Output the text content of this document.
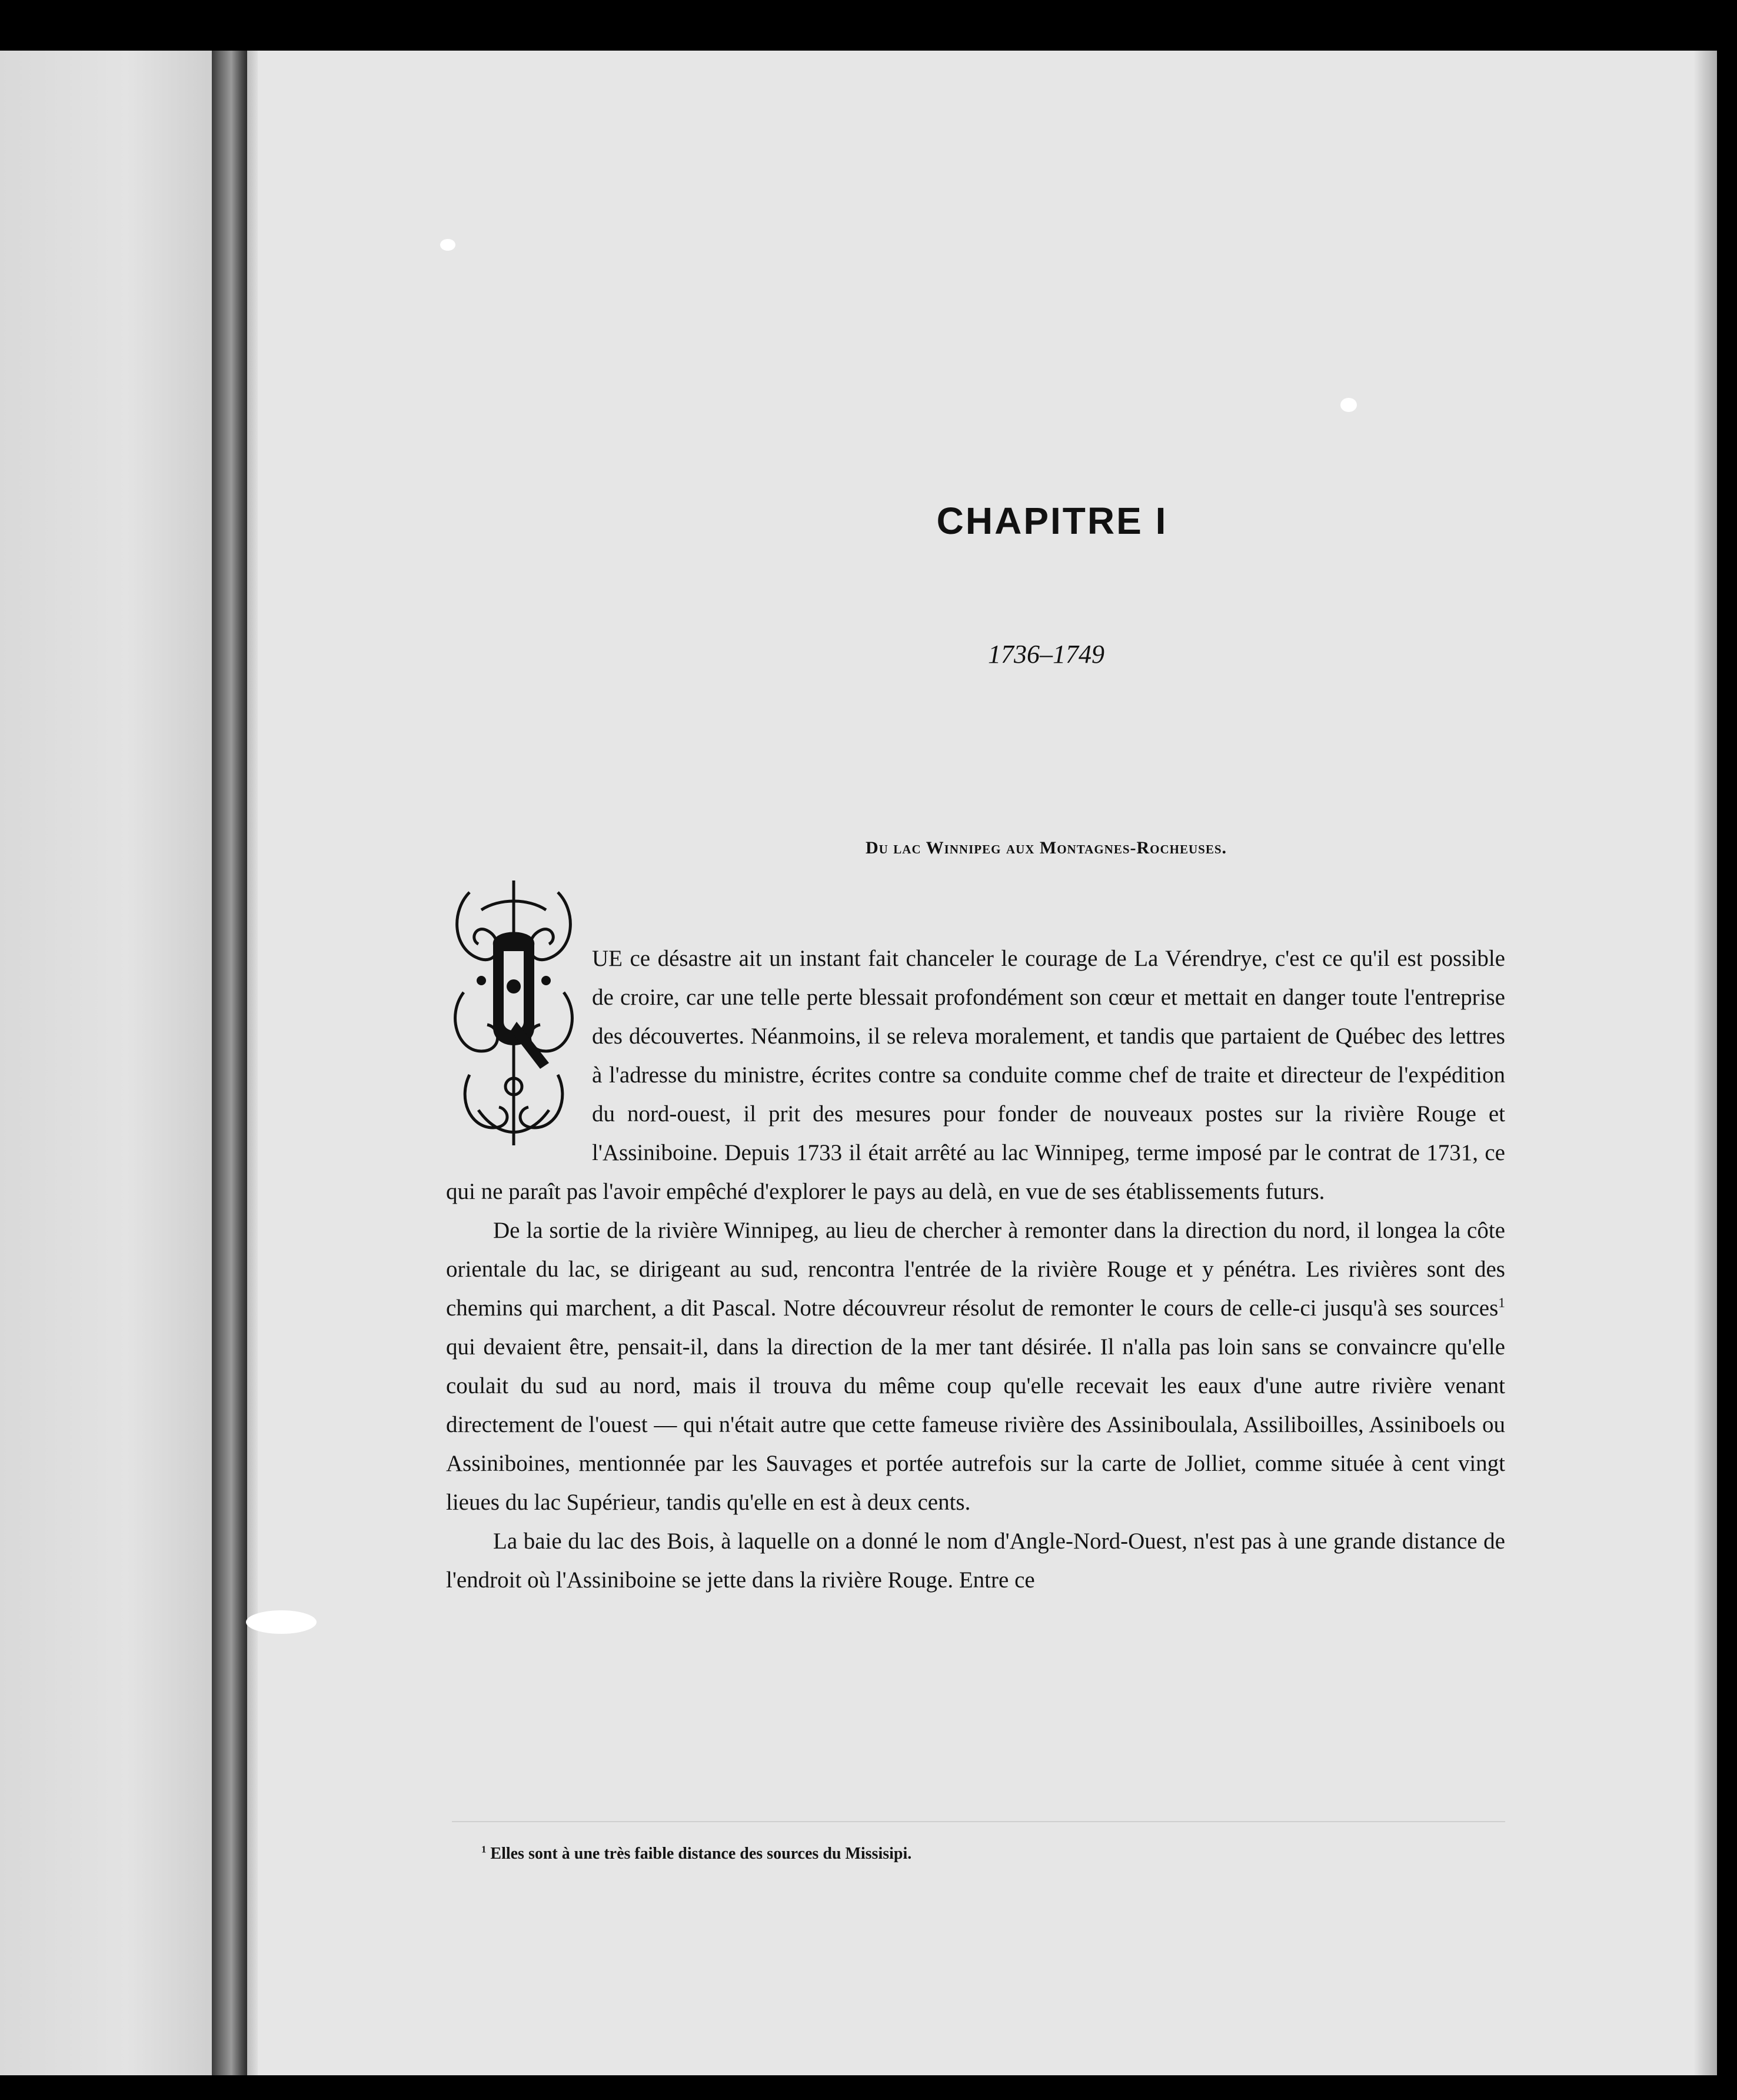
CHAPITRE I
1736–1749
Du lac Winnipeg aux Montagnes-Rocheuses.

UE ce désastre ait un instant fait chanceler le courage de La Vérendrye, c'est ce qu'il est possible de croire, car une telle perte blessait profondément son cœur et mettait en danger toute l'entreprise des découvertes. Néanmoins, il se releva moralement, et tandis que partaient de Québec des lettres à l'adresse du ministre, écrites contre sa conduite comme chef de traite et directeur de l'expédition du nord-ouest, il prit des mesures pour fonder de nouveaux postes sur la rivière Rouge et l'Assiniboine. Depuis 1733 il était arrêté au lac Winnipeg, terme imposé par le contrat de 1731, ce qui ne paraît pas l'avoir empêché d'explorer le pays au delà, en vue de ses établissements futurs.

De la sortie de la rivière Winnipeg, au lieu de chercher à remonter dans la direction du nord, il longea la côte orientale du lac, se dirigeant au sud, rencontra l'entrée de la rivière Rouge et y pénétra. Les rivières sont des chemins qui marchent, a dit Pascal. Notre découvreur résolut de remonter le cours de celle-ci jusqu'à ses sources$^1$ qui devaient être, pensait-il, dans la direction de la mer tant désirée. Il n'alla pas loin sans se convaincre qu'elle coulait du sud au nord, mais il trouva du même coup qu'elle recevait les eaux d'une autre rivière venant directement de l'ouest — qui n'était autre que cette fameuse rivière des Assiniboulala, Assiliboilles, Assiniboels ou Assiniboines, mentionnée par les Sauvages et portée autrefois sur la carte de Jolliet, comme située à cent vingt lieues du lac Supérieur, tandis qu'elle en est à deux cents.

La baie du lac des Bois, à laquelle on a donné le nom d'Angle-Nord-Ouest, n'est pas à une grande distance de l'endroit où l'Assiniboine se jette dans la rivière Rouge. Entre ce

$^1$ Elles sont à une très faible distance des sources du Missisipi.
